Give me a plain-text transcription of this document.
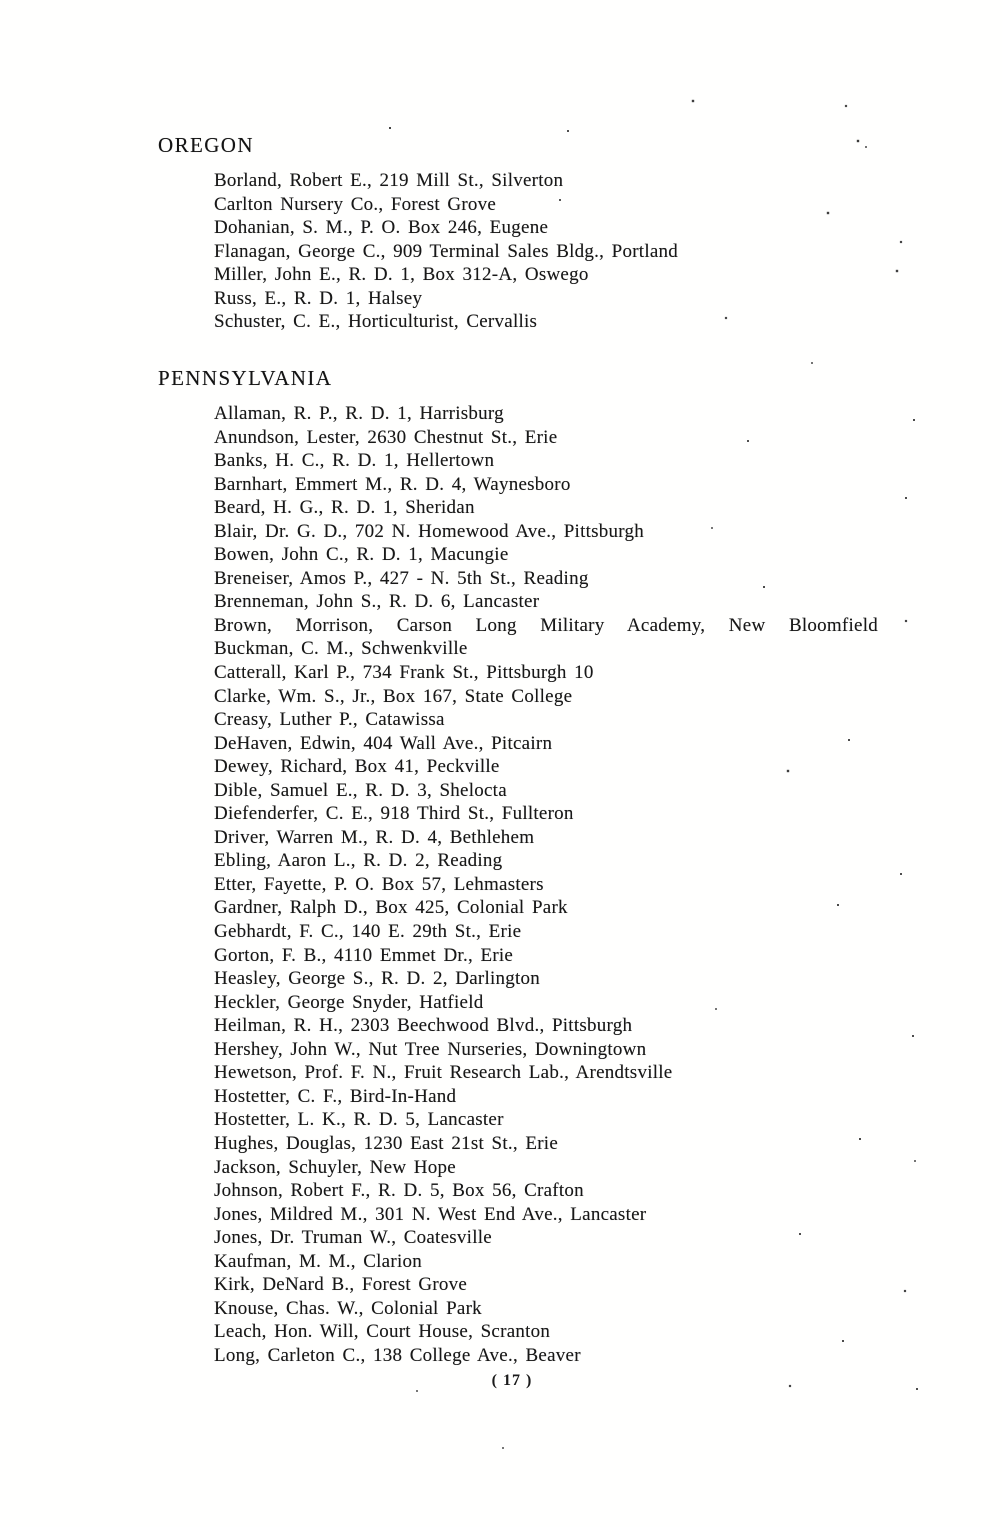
OREGON
Borland, Robert E., 219 Mill St., Silverton
Carlton Nursery Co., Forest Grove
Dohanian, S. M., P. O. Box 246, Eugene
Flanagan, George C., 909 Terminal Sales Bldg., Portland
Miller, John E., R. D. 1, Box 312-A, Oswego
Russ, E., R. D. 1, Halsey
Schuster, C. E., Horticulturist, Cervallis
PENNSYLVANIA
Allaman, R. P., R. D. 1, Harrisburg
Anundson, Lester, 2630 Chestnut St., Erie
Banks, H. C., R. D. 1, Hellertown
Barnhart, Emmert M., R. D. 4, Waynesboro
Beard, H. G., R. D. 1, Sheridan
Blair, Dr. G. D., 702 N. Homewood Ave., Pittsburgh
Bowen, John C., R. D. 1, Macungie
Breneiser, Amos P., 427 - N. 5th St., Reading
Brenneman, John S., R. D. 6, Lancaster
Brown, Morrison, Carson Long Military Academy, New Bloomfield
Buckman, C. M., Schwenkville
Catterall, Karl P., 734 Frank St., Pittsburgh 10
Clarke, Wm. S., Jr., Box 167, State College
Creasy, Luther P., Catawissa
DeHaven, Edwin, 404 Wall Ave., Pitcairn
Dewey, Richard, Box 41, Peckville
Dible, Samuel E., R. D. 3, Shelocta
Diefenderfer, C. E., 918 Third St., Fullteron
Driver, Warren M., R. D. 4, Bethlehem
Ebling, Aaron L., R. D. 2, Reading
Etter, Fayette, P. O. Box 57, Lehmasters
Gardner, Ralph D., Box 425, Colonial Park
Gebhardt, F. C., 140 E. 29th St., Erie
Gorton, F. B., 4110 Emmet Dr., Erie
Heasley, George S., R. D. 2, Darlington
Heckler, George Snyder, Hatfield
Heilman, R. H., 2303 Beechwood Blvd., Pittsburgh
Hershey, John W., Nut Tree Nurseries, Downingtown
Hewetson, Prof. F. N., Fruit Research Lab., Arendtsville
Hostetter, C. F., Bird-In-Hand
Hostetter, L. K., R. D. 5, Lancaster
Hughes, Douglas, 1230 East 21st St., Erie
Jackson, Schuyler, New Hope
Johnson, Robert F., R. D. 5, Box 56, Crafton
Jones, Mildred M., 301 N. West End Ave., Lancaster
Jones, Dr. Truman W., Coatesville
Kaufman, M. M., Clarion
Kirk, DeNard B., Forest Grove
Knouse, Chas. W., Colonial Park
Leach, Hon. Will, Court House, Scranton
Long, Carleton C., 138 College Ave., Beaver
( 17 )
